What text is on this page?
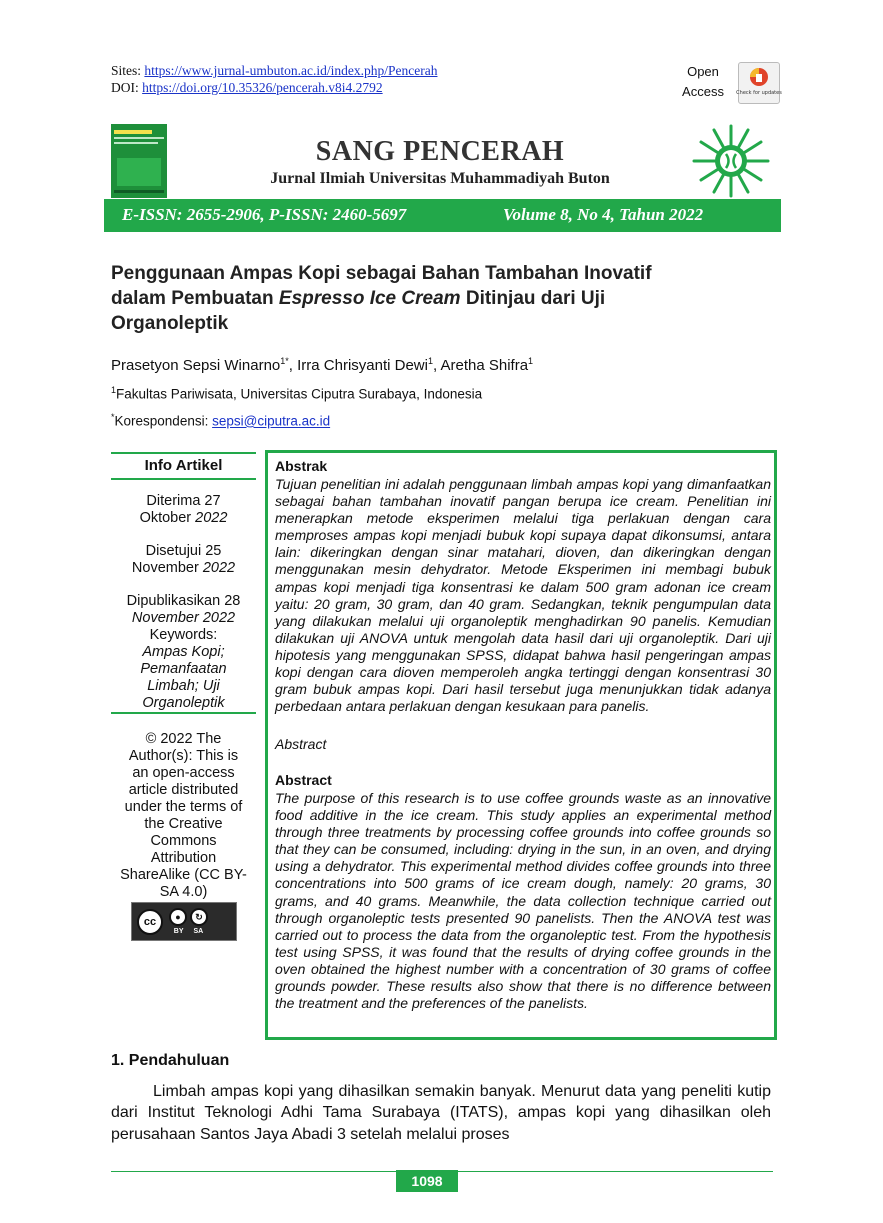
Sites: https://www.jurnal-umbuton.ac.id/index.php/Pencerah
DOI: https://doi.org/10.35326/pencerah.v8i4.2792
Open
Access	Check for updates
SANG PENCERAH
Jurnal Ilmiah Universitas Muhammadiyah Buton
E-ISSN: 2655-2906, P-ISSN: 2460-5697	Volume 8, No 4, Tahun 2022
Penggunaan Ampas Kopi sebagai Bahan Tambahan Inovatif
dalam Pembuatan Espresso Ice Cream Ditinjau dari Uji
Organoleptik
Prasetyon Sepsi Winarno$^{1*}$, Irra Chrisyanti Dewi$^1$, Aretha Shifra$^1$
$^1$Fakultas Pariwisata, Universitas Ciputra Surabaya, Indonesia
*Korespondensi: sepsi@ciputra.ac.id
Info Artikel
Diterima 27
Oktober 2022
Disetujui 25
November 2022
Dipublikasikan 28
November 2022
Keywords:
Ampas Kopi;
Pemanfaatan
Limbah; Uji
Organoleptik
© 2022 The
Author(s): This is
an open-access
article distributed
under the terms of
the Creative
Commons
Attribution
ShareAlike (CC BY-
SA 4.0)
cc	●	↻
BY SA
Abstrak
Tujuan penelitian ini adalah penggunaan limbah ampas kopi yang dimanfaatkan sebagai bahan tambahan inovatif pangan berupa ice cream. Penelitian ini menerapkan metode eksperimen melalui tiga perlakuan dengan cara memproses ampas kopi menjadi bubuk kopi supaya dapat dikonsumsi, antara lain: dikeringkan dengan sinar matahari, dioven, dan dikeringkan dengan menggunakan mesin dehydrator. Metode Eksperimen ini membagi bubuk ampas kopi menjadi tiga konsentrasi ke dalam 500 gram adonan ice cream yaitu: 20 gram, 30 gram, dan 40 gram. Sedangkan, teknik pengumpulan data yang dilakukan melalui uji organoleptik menghadirkan 90 panelis. Kemudian dilakukan uji ANOVA untuk mengolah data hasil dari uji organoleptik. Dari uji hipotesis yang menggunakan SPSS, didapat bahwa hasil pengeringan ampas kopi dengan cara dioven memperoleh angka tertinggi dengan konsentrasi 30 gram bubuk ampas kopi. Dari hasil tersebut juga menunjukkan tidak adanya perbedaan antara perlakuan dengan kesukaan para panelis.
Abstract
Abstract
The purpose of this research is to use coffee grounds waste as an innovative food additive in the ice cream. This study applies an experimental method through three treatments by processing coffee grounds into coffee grounds so that they can be consumed, including: drying in the sun, in an oven, and drying using a dehydrator. This experimental method divides coffee grounds into three concentrations into 500 grams of ice cream dough, namely: 20 grams, 30 grams, and 40 grams. Meanwhile, the data collection technique carried out through organoleptic tests presented 90 panelists. Then the ANOVA test was carried out to process the data from the organoleptic test. From the hypothesis test using SPSS, it was found that the results of drying coffee grounds in the oven obtained the highest number with a concentration of 30 grams of coffee grounds powder. These results also show that there is no difference between the treatment and the preferences of the panelists.
1. Pendahuluan
Limbah ampas kopi yang dihasilkan semakin banyak. Menurut data yang peneliti kutip dari Institut Teknologi Adhi Tama Surabaya (ITATS), ampas kopi yang dihasilkan oleh perusahaan Santos Jaya Abadi 3 setelah melalui proses
1098
